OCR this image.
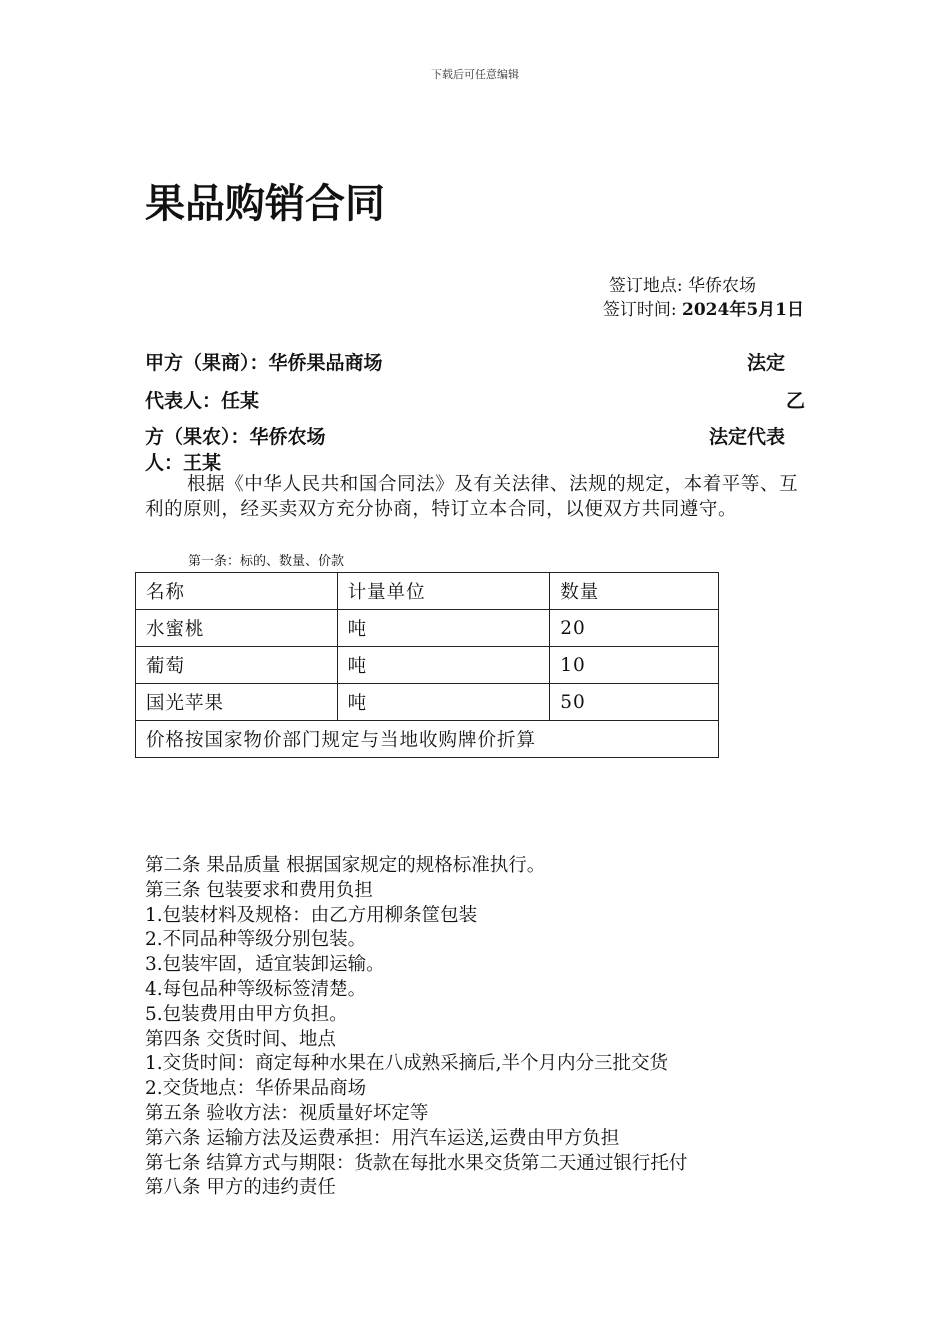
下载后可任意编辑
果品购销合同
签订地点: 华侨农场
签订时间: 2024年5月1日
甲方（果商）：华侨果品商场	法定
代表人：任某	乙
方（果农）：华侨农场	法定代表
人：王某

根据《中华人民共和国合同法》及有关法律、法规的规定，本着平等、互利的原则，经买卖双方充分协商，特订立本合同，以便双方共同遵守。

第一条：标的、数量、价款
名称	计量单位	数量
水蜜桃	吨	20
葡萄	吨	10
国光苹果	吨	50
价格按国家物价部门规定与当地收购牌价折算		
第二条 果品质量 根据国家规定的规格标准执行。
第三条 包装要求和费用负担
1.包装材料及规格：由乙方用柳条筐包装
2.不同品种等级分别包装。
3.包装牢固，适宜装卸运输。
4.每包品种等级标签清楚。
5.包装费用由甲方负担。
第四条 交货时间、地点
1.交货时间：商定每种水果在八成熟采摘后,半个月内分三批交货
2.交货地点：华侨果品商场
第五条 验收方法：视质量好坏定等
第六条 运输方法及运费承担：用汽车运送,运费由甲方负担
第七条 结算方式与期限：货款在每批水果交货第二天通过银行托付
第八条 甲方的违约责任
